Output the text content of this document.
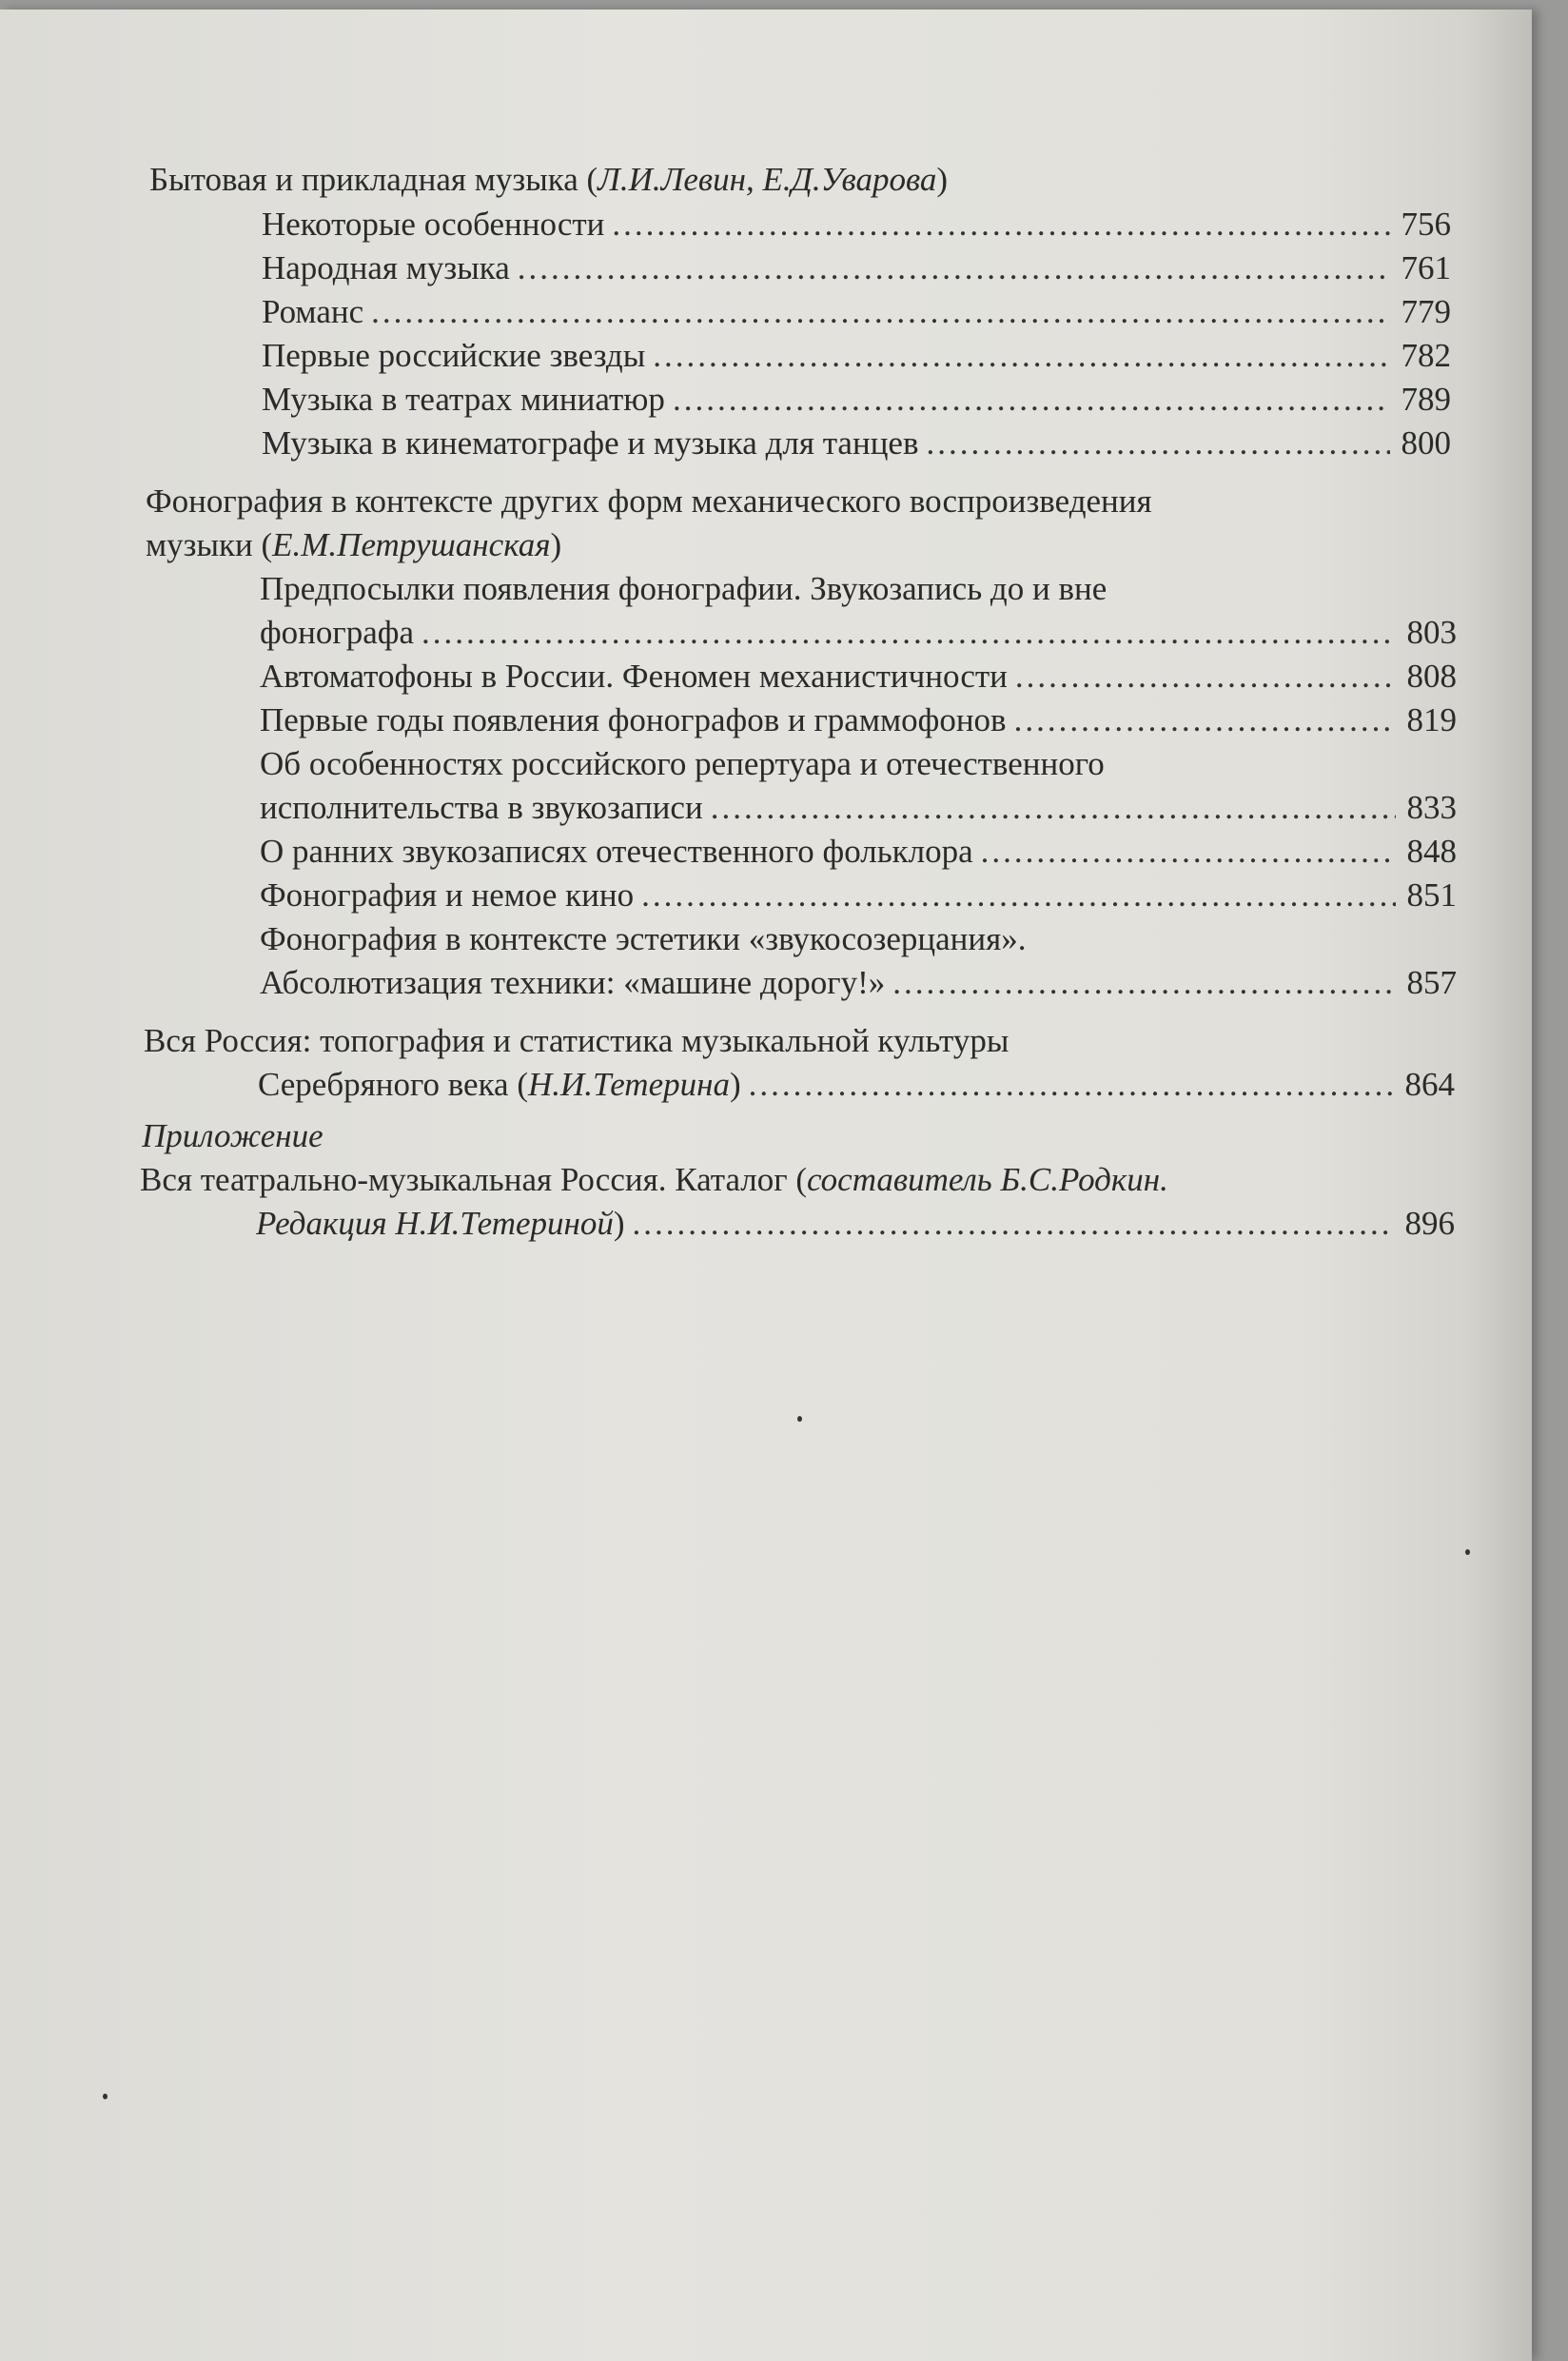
Бытовая и прикладная музыка ( Л.И.Левин, Е.Д.Уварова )
Некоторые особенности .....	756
Народная музыка .....	761
Романс .....	779
Первые российские звезды .....	782
Музыка в театрах миниатюр .....	789
Музыка в кинематографе и музыка для танцев .....	800
Фонография в контексте других форм механического воспроизведения
музыки ( Е.М.Петрушанская )
Предпосылки появления фонографии. Звукозапись до и вне
фонографа .....	803
Автоматофоны в России. Феномен механистичности .....	808
Первые годы появления фонографов и граммофонов .....	819
Об особенностях российского репертуара и отечественного
исполнительства в звукозаписи .....	833
О ранних звукозаписях отечественного фольклора .....	848
Фонография и немое кино .....	851
Фонография в контексте эстетики «звукосозерцания».
Абсолютизация техники: «машине дорогу!» .....	857
Вся Россия: топография и статистика музыкальной культуры
Серебряного века ( Н.И.Тетерина ) .....	864
Приложение
Вся театрально-музыкальная Россия. Каталог ( составитель Б.С.Родкин.
Редакция Н.И.Тетериной ) .....	896
